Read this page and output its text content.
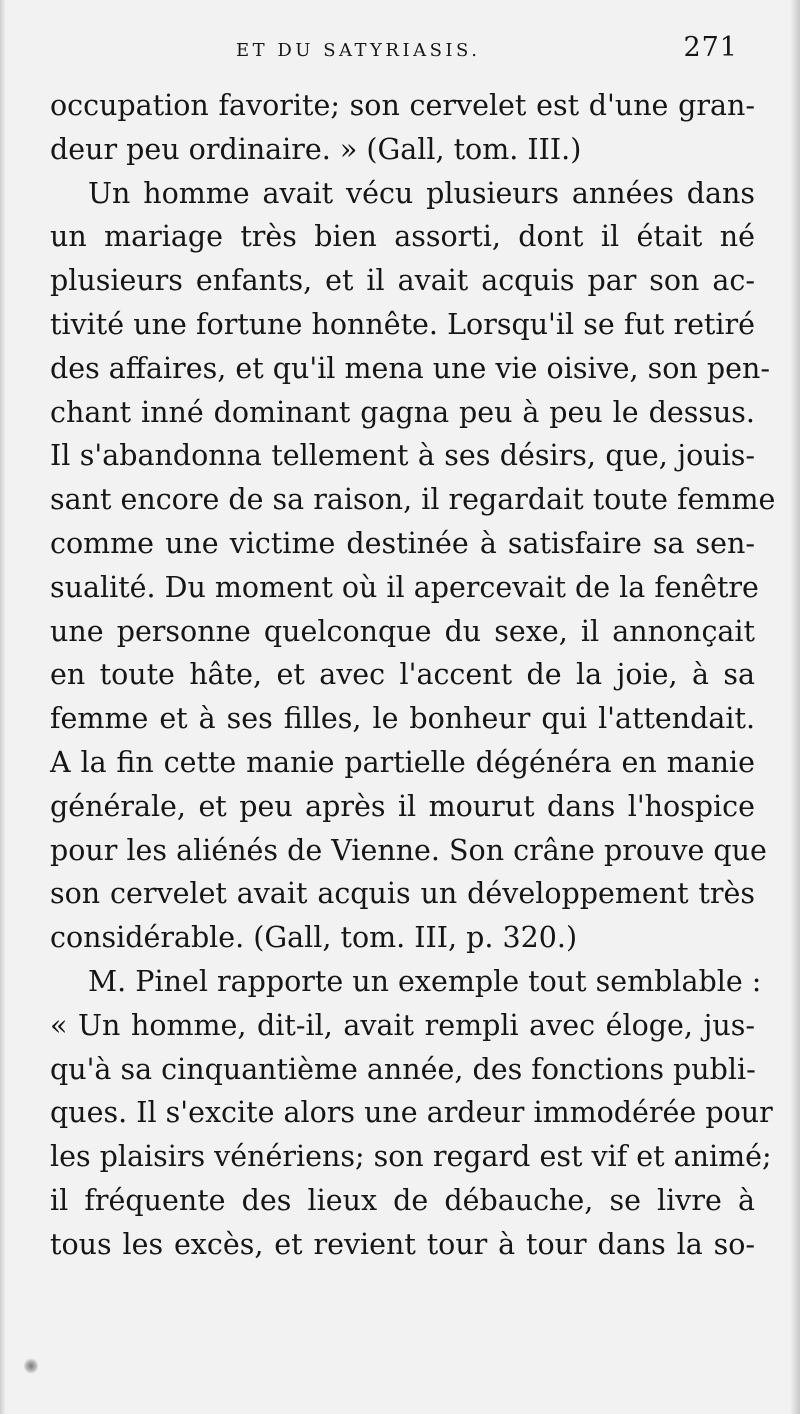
ET DU SATYRIASIS.	271
occupation favorite; son cervelet est d'une gran-
deur peu ordinaire. » (Gall, tom. III.)
Un homme avait vécu plusieurs années dans
un mariage très bien assorti, dont il était né
plusieurs enfants, et il avait acquis par son ac-
tivité une fortune honnête. Lorsqu'il se fut retiré
des affaires, et qu'il mena une vie oisive, son pen-
chant inné dominant gagna peu à peu le dessus.
Il s'abandonna tellement à ses désirs, que, jouis-
sant encore de sa raison, il regardait toute femme
comme une victime destinée à satisfaire sa sen-
sualité. Du moment où il apercevait de la fenêtre
une personne quelconque du sexe, il annonçait
en toute hâte, et avec l'accent de la joie, à sa
femme et à ses filles, le bonheur qui l'attendait.
A la fin cette manie partielle dégénéra en manie
générale, et peu après il mourut dans l'hospice
pour les aliénés de Vienne. Son crâne prouve que
son cervelet avait acquis un développement très
considérable. (Gall, tom. III, p. 320.)
M. Pinel rapporte un exemple tout semblable :
« Un homme, dit-il, avait rempli avec éloge, jus-
qu'à sa cinquantième année, des fonctions publi-
ques. Il s'excite alors une ardeur immodérée pour
les plaisirs vénériens; son regard est vif et animé;
il fréquente des lieux de débauche, se livre à
tous les excès, et revient tour à tour dans la so-
